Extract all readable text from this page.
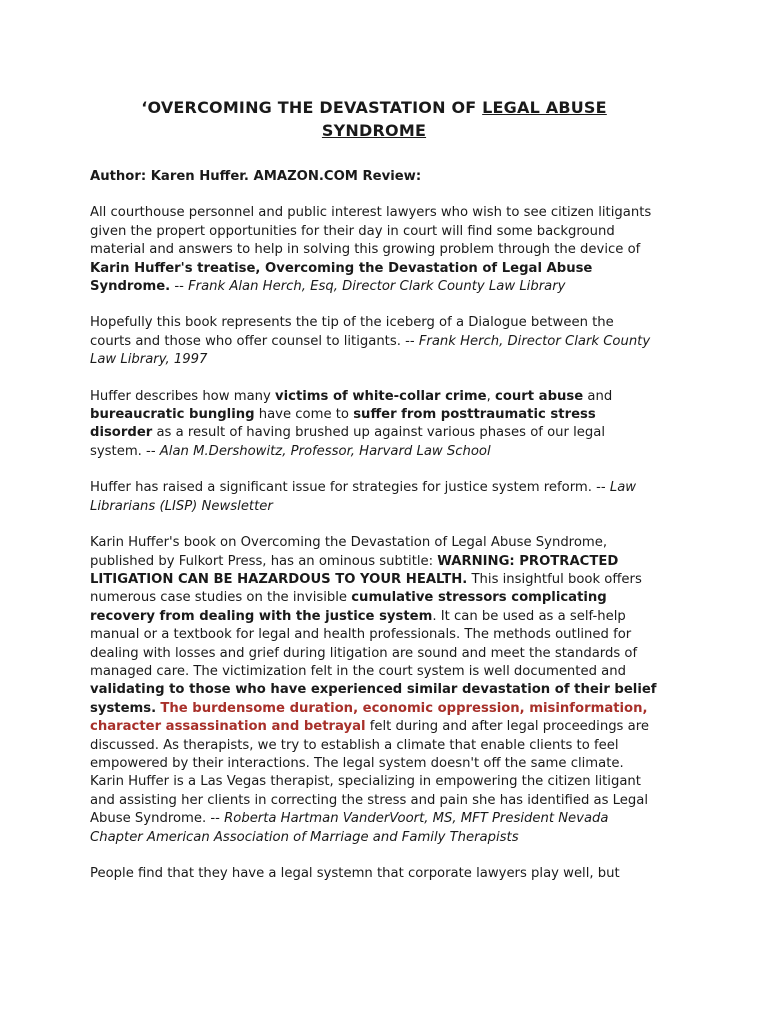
‘OVERCOMING THE DEVASTATION OF LEGAL ABUSE
SYNDROME
Author: Karen Huffer. AMAZON.COM Review:

All courthouse personnel and public interest lawyers who wish to see citizen litigants given the propert opportunities for their day in court will find some background material and answers to help in solving this growing problem through the device of Karin Huffer's treatise, Overcoming the Devastation of Legal Abuse Syndrome. -- Frank Alan Herch, Esq, Director Clark County Law Library

Hopefully this book represents the tip of the iceberg of a Dialogue between the courts and those who offer counsel to litigants. -- Frank Herch, Director Clark County Law Library, 1997

Huffer describes how many victims of white-collar crime, court abuse and bureaucratic bungling have come to suffer from posttraumatic stress disorder as a result of having brushed up against various phases of our legal system. -- Alan M.Dershowitz, Professor, Harvard Law School

Huffer has raised a significant issue for strategies for justice system reform. -- Law Librarians (LISP) Newsletter

Karin Huffer's book on Overcoming the Devastation of Legal Abuse Syndrome, published by Fulkort Press, has an ominous subtitle: WARNING: PROTRACTED LITIGATION CAN BE HAZARDOUS TO YOUR HEALTH. This insightful book offers numerous case studies on the invisible cumulative stressors complicating recovery from dealing with the justice system. It can be used as a self-help manual or a textbook for legal and health professionals. The methods outlined for dealing with losses and grief during litigation are sound and meet the standards of managed care. The victimization felt in the court system is well documented and validating to those who have experienced similar devastation of their belief systems. The burdensome duration, economic oppression, misinformation, character assassination and betrayal felt during and after legal proceedings are discussed. As therapists, we try to establish a climate that enable clients to feel empowered by their interactions. The legal system doesn't off the same climate. Karin Huffer is a Las Vegas therapist, specializing in empowering the citizen litigant and assisting her clients in correcting the stress and pain she has identified as Legal Abuse Syndrome. -- Roberta Hartman VanderVoort, MS, MFT President Nevada Chapter American Association of Marriage and Family Therapists

People find that they have a legal systemn that corporate lawyers play well, but
